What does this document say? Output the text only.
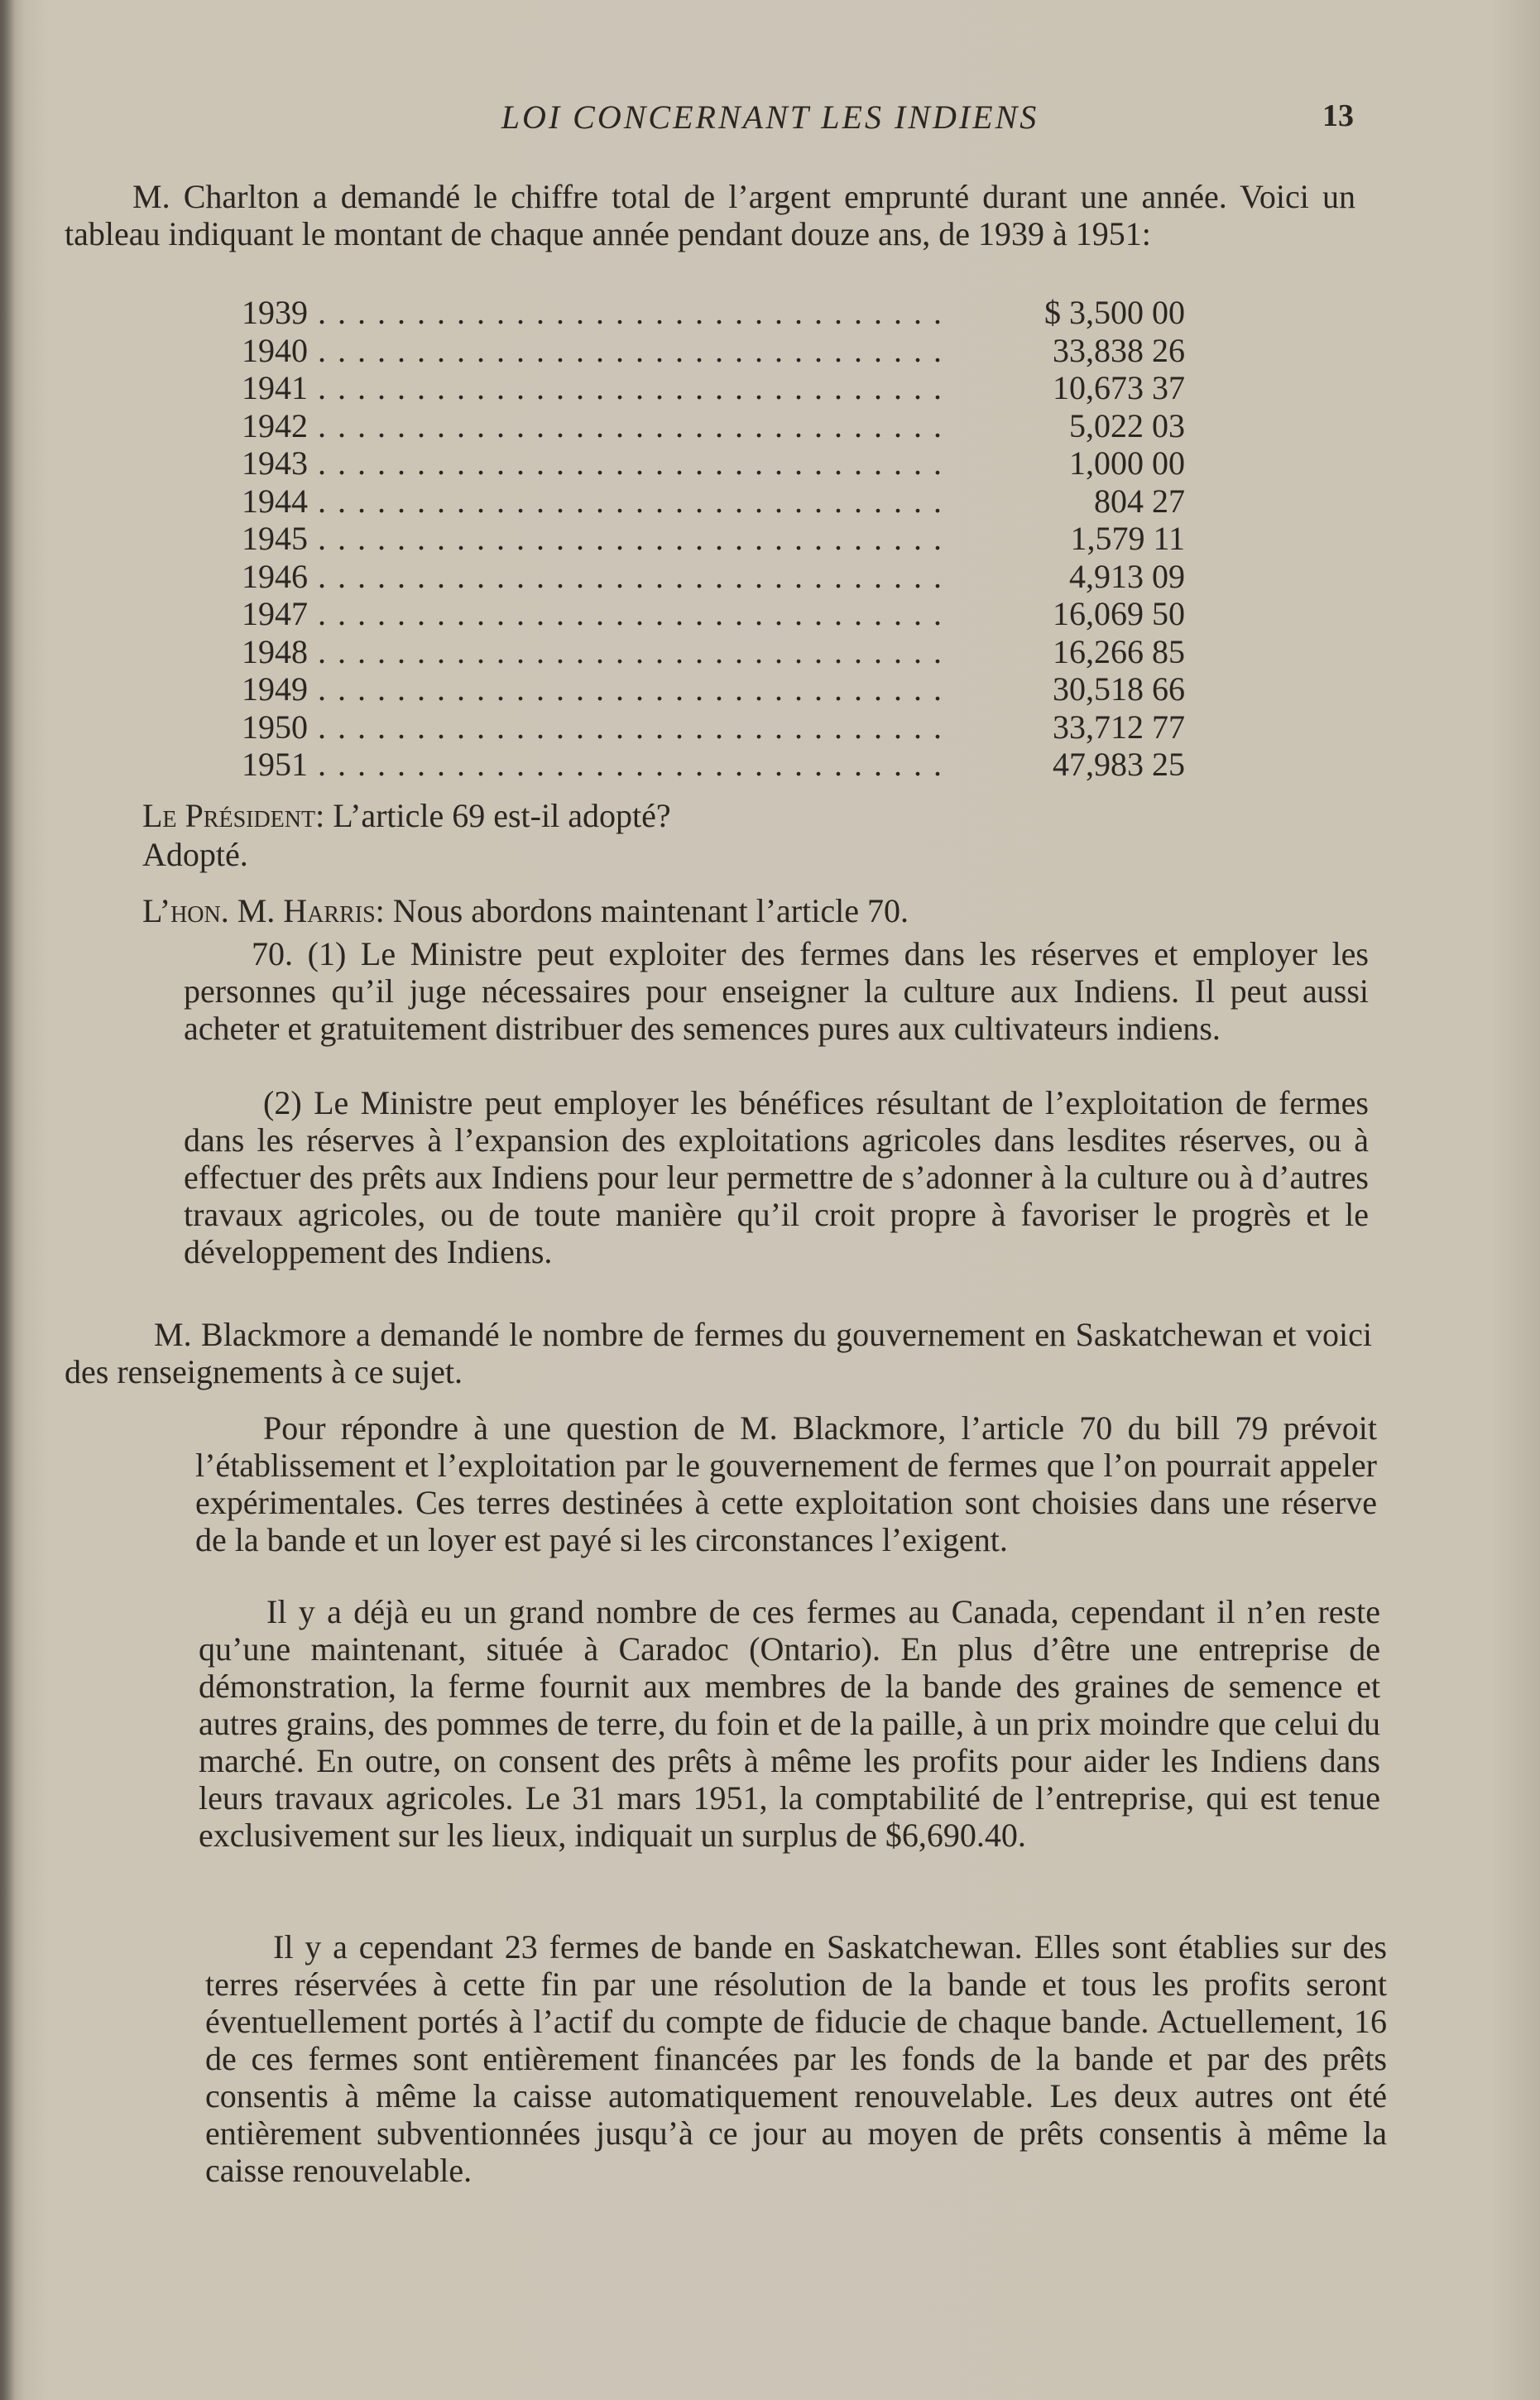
LOI CONCERNANT LES INDIENS	13

M. Charlton a demandé le chiffre total de l’argent emprunté durant une année. Voici un tableau indiquant le montant de chaque année pendant douze ans, de 1939 à 1951:

1939 . . .	$ 3,500 00
1940 . . .	33,838 26
1941 . . .	10,673 37
1942 . . .	5,022 03
1943 . . .	1,000 00
1944 . . .	804 27
1945 . . .	1,579 11
1946 . . .	4,913 09
1947 . . .	16,069 50
1948 . . .	16,266 85
1949 . . .	30,518 66
1950 . . .	33,712 77
1951 . . .	47,983 25

Le Président: L’article 69 est-il adopté?

Adopté.

L’hon. M. Harris: Nous abordons maintenant l’article 70.

70. (1) Le Ministre peut exploiter des fermes dans les réserves et employer les personnes qu’il juge nécessaires pour enseigner la culture aux Indiens. Il peut aussi acheter et gratuitement distribuer des semences pures aux cultivateurs indiens.

(2) Le Ministre peut employer les bénéfices résultant de l’exploitation de fermes dans les réserves à l’expansion des exploitations agricoles dans lesdites réserves, ou à effectuer des prêts aux Indiens pour leur permettre de s’adonner à la culture ou à d’autres travaux agricoles, ou de toute manière qu’il croit propre à favoriser le progrès et le développement des Indiens.

M. Blackmore a demandé le nombre de fermes du gouvernement en Saskatchewan et voici des renseignements à ce sujet.

Pour répondre à une question de M. Blackmore, l’article 70 du bill 79 prévoit l’établissement et l’exploitation par le gouvernement de fermes que l’on pourrait appeler expérimentales. Ces terres destinées à cette exploitation sont choisies dans une réserve de la bande et un loyer est payé si les circonstances l’exigent.

Il y a déjà eu un grand nombre de ces fermes au Canada, cependant il n’en reste qu’une maintenant, située à Caradoc (Ontario). En plus d’être une entreprise de démonstration, la ferme fournit aux membres de la bande des graines de semence et autres grains, des pommes de terre, du foin et de la paille, à un prix moindre que celui du marché. En outre, on consent des prêts à même les profits pour aider les Indiens dans leurs travaux agricoles. Le 31 mars 1951, la comptabilité de l’entreprise, qui est tenue exclusivement sur les lieux, indiquait un surplus de $6,690.40.

Il y a cependant 23 fermes de bande en Saskatchewan. Elles sont établies sur des terres réservées à cette fin par une résolution de la bande et tous les profits seront éventuellement portés à l’actif du compte de fiducie de chaque bande. Actuellement, 16 de ces fermes sont entièrement financées par les fonds de la bande et par des prêts consentis à même la caisse automatiquement renouvelable. Les deux autres ont été entièrement subventionnées jusqu’à ce jour au moyen de prêts consentis à même la caisse renouvelable.
